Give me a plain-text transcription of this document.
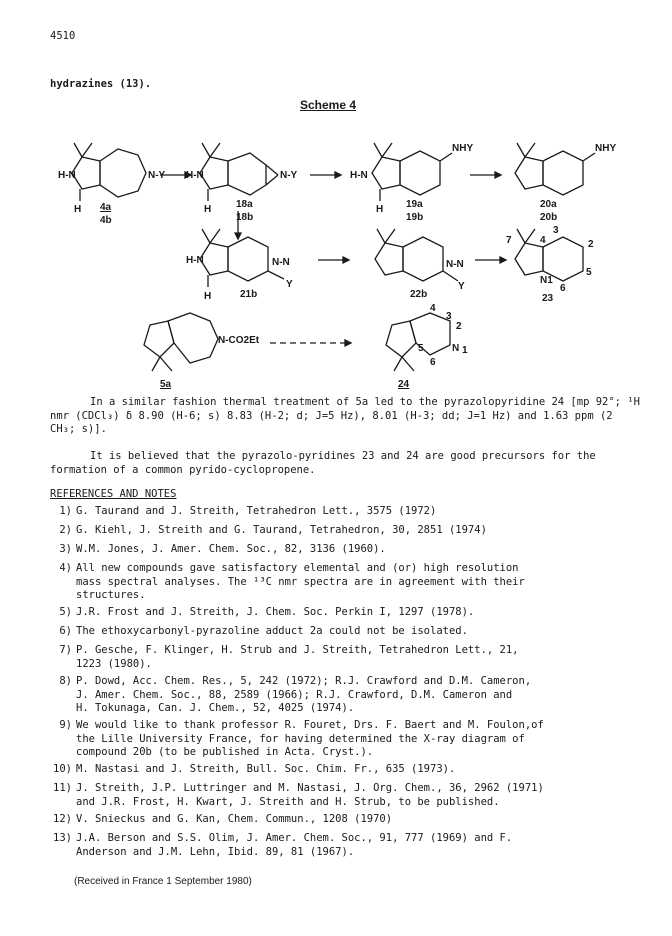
4510
hydrazines (13).
Scheme 4
H-N	N-Y
H 4a
4b
H-N	N-Y
H 18a
18b
H-N
NHY
H 19a
19b
NHY
20a
20b
H-N	N-N
Y
H	21b
N-N
Y
22b
3
7	4	2
5
N1
6
23
N-CO2Et
5a
4
3
2
N 1
5
6
24
In a similar fashion thermal treatment of 5a led to the pyrazolopyridine 24 [mp 92°; ¹H nmr (CDCl₃) δ 8.90 (H-6; s) 8.83 (H-2; d; J=5 Hz), 8.01 (H-3; dd; J=1 Hz) and 1.63 ppm (2 CH₃; s)].
It is believed that the pyrazolo-pyridines 23 and 24 are good precursors for the formation of a common pyrido-cyclopropene.
REFERENCES AND NOTES
1) G. Taurand and J. Streith, Tetrahedron Lett., 3575 (1972)
2) G. Kiehl, J. Streith and G. Taurand, Tetrahedron, 30, 2851 (1974)
3) W.M. Jones, J. Amer. Chem. Soc., 82, 3136 (1960).
4) All new compounds gave satisfactory elemental and (or) high resolution
mass spectral analyses. The ¹³C nmr spectra are in agreement with their
structures.
5) J.R. Frost and J. Streith, J. Chem. Soc. Perkin I, 1297 (1978).
6) The ethoxycarbonyl-pyrazoline adduct 2a could not be isolated.
7) P. Gesche, F. Klinger, H. Strub and J. Streith, Tetrahedron Lett., 21,
1223 (1980).
8) P. Dowd, Acc. Chem. Res., 5, 242 (1972); R.J. Crawford and D.M. Cameron,
J. Amer. Chem. Soc., 88, 2589 (1966); R.J. Crawford, D.M. Cameron and
H. Tokunaga, Can. J. Chem., 52, 4025 (1974).
9) We would like to thank professor R. Fouret, Drs. F. Baert and M. Foulon,of
the Lille University France, for having determined the X-ray diagram of
compound 20b (to be published in Acta. Cryst.).
10) M. Nastasi and J. Streith, Bull. Soc. Chim. Fr., 635 (1973).
11) J. Streith, J.P. Luttringer and M. Nastasi, J. Org. Chem., 36, 2962 (1971)
and J.R. Frost, H. Kwart, J. Streith and H. Strub, to be published.
12) V. Snieckus and G. Kan, Chem. Commun., 1208 (1970)
13) J.A. Berson and S.S. Olim, J. Amer. Chem. Soc., 91, 777 (1969) and F.
Anderson and J.M. Lehn, Ibid. 89, 81 (1967).
(Received in France 1 September 1980)
